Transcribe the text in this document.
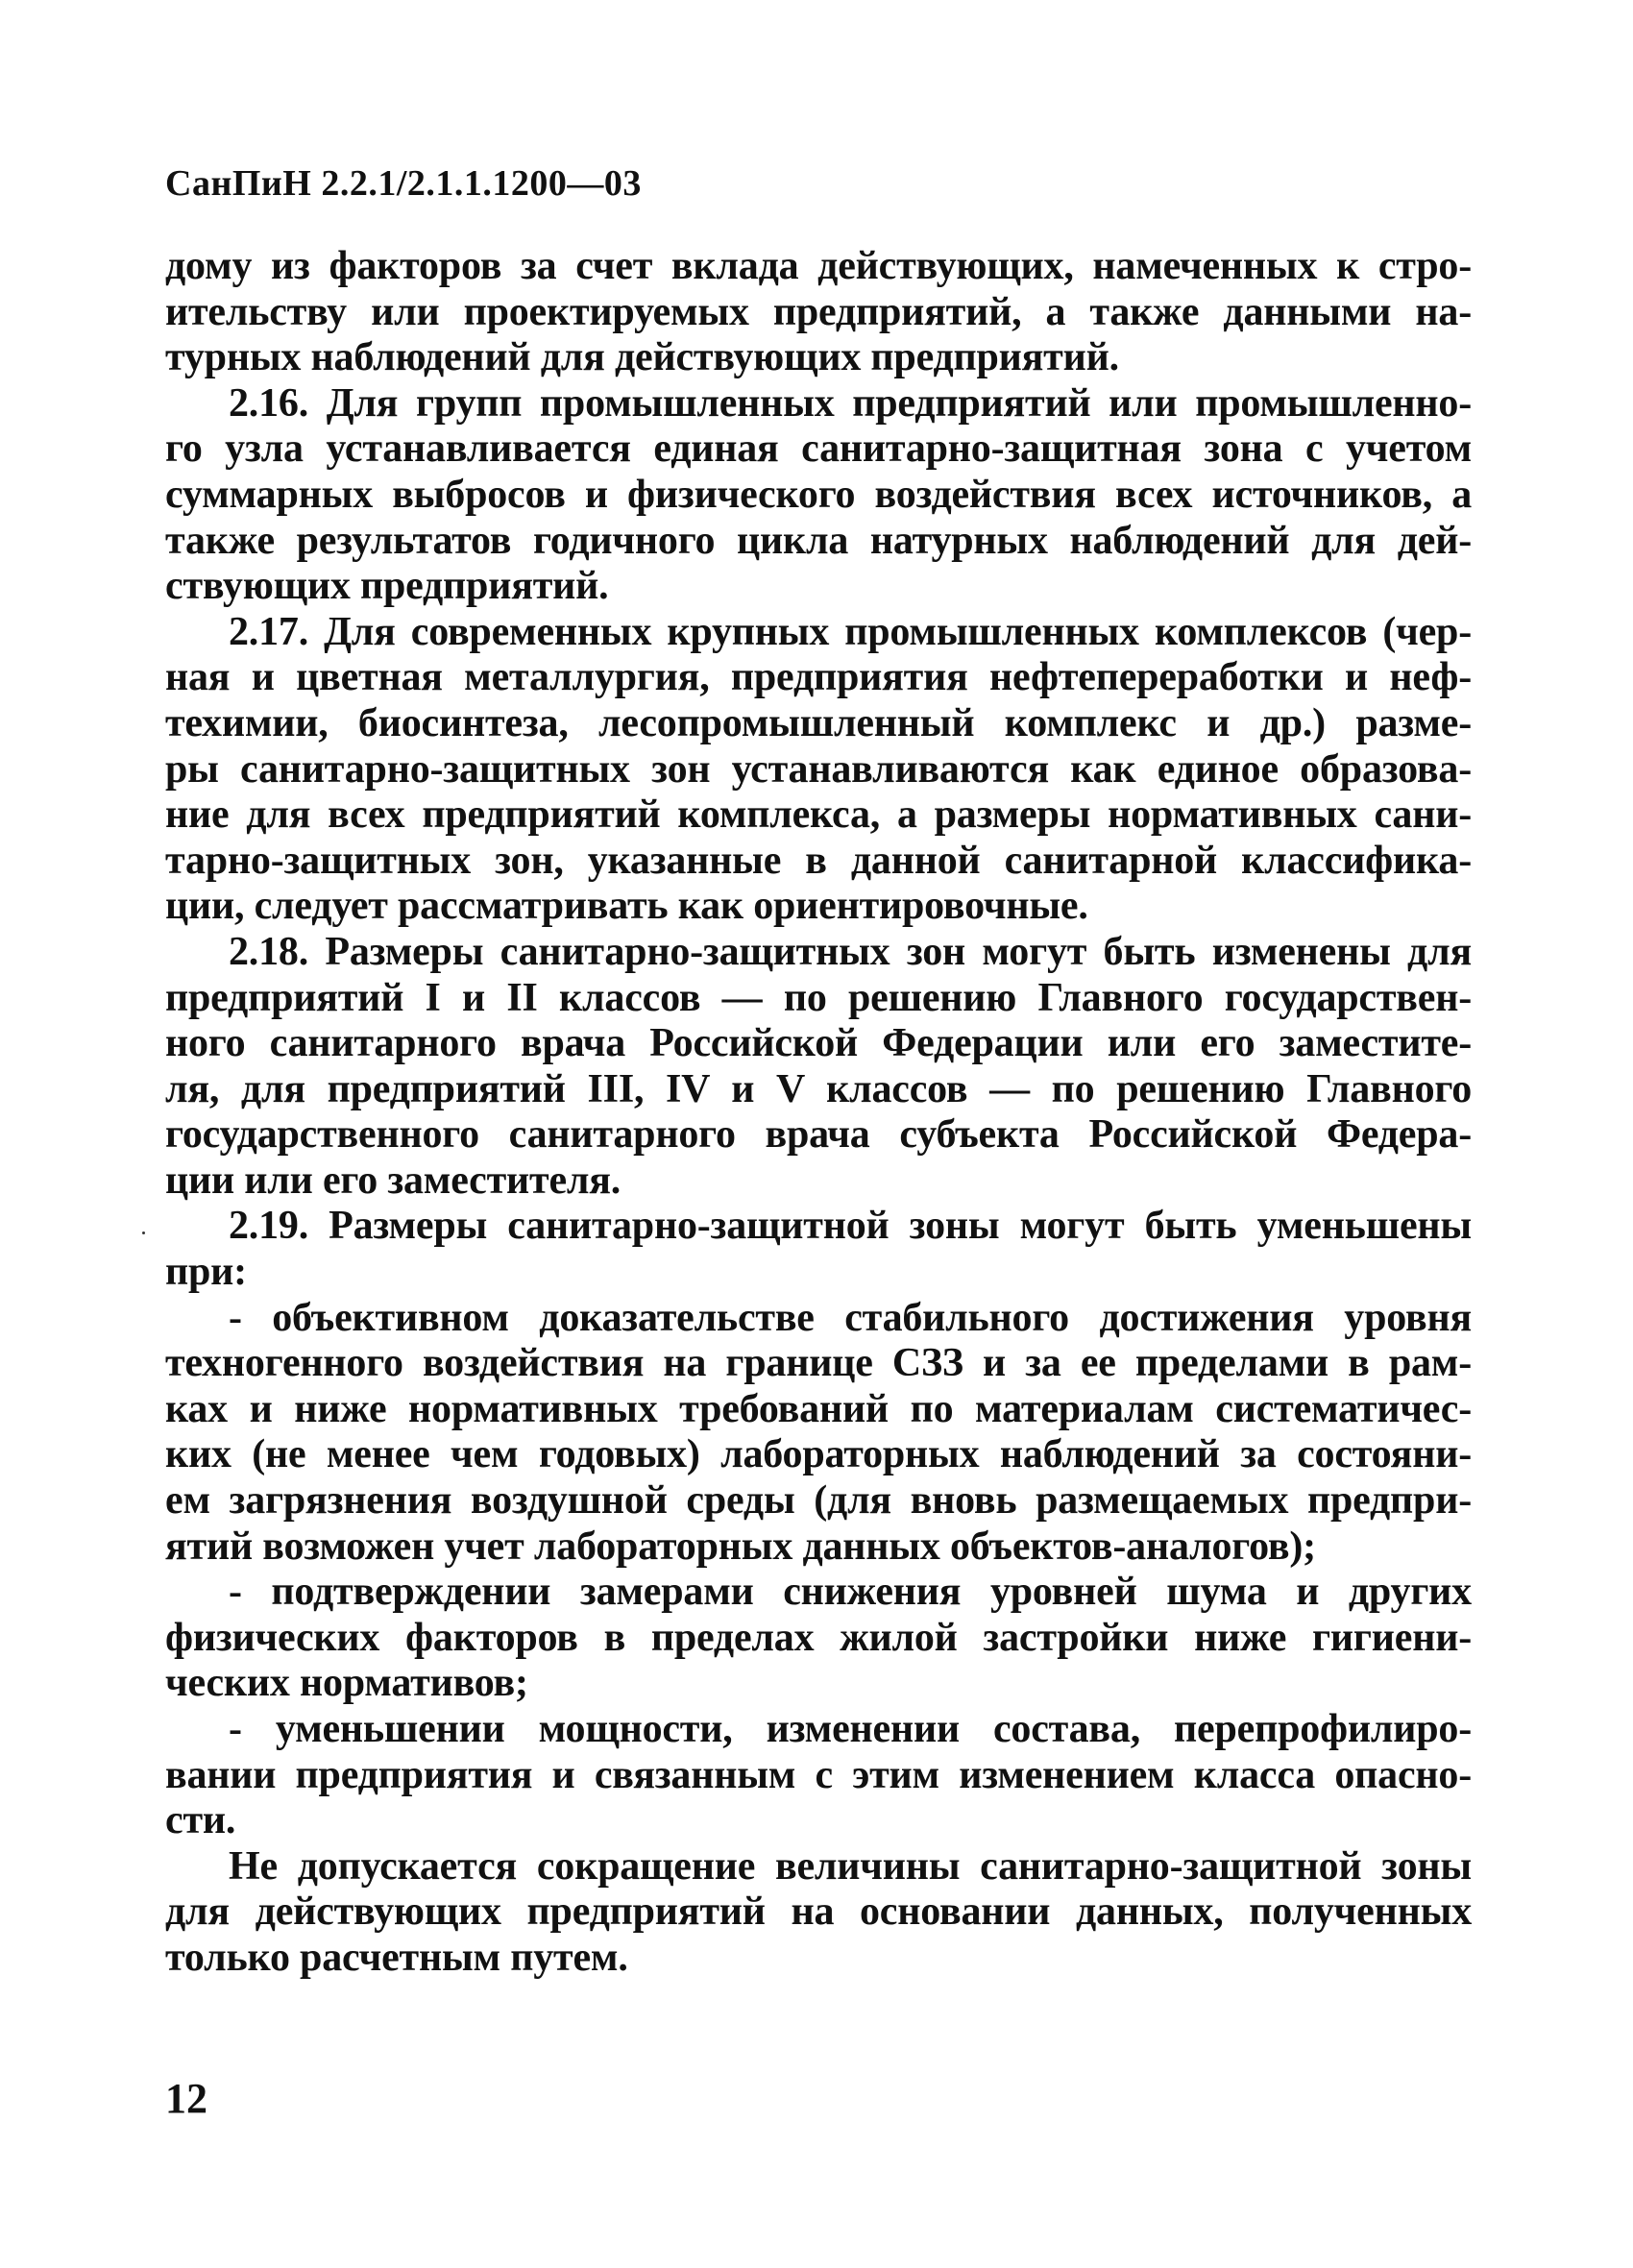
СанПиН 2.2.1/2.1.1.1200—03
дому из факторов за счет вклада действующих, намеченных к стро-
ительству или проектируемых предприятий, а также данными на-
турных наблюдений для действующих предприятий.
2.16. Для групп промышленных предприятий или промышленно-
го узла устанавливается единая санитарно-защитная зона с учетом
суммарных выбросов и физического воздействия всех источников, а
также результатов годичного цикла натурных наблюдений для дей-
ствующих предприятий.
2.17. Для современных крупных промышленных комплексов (чер-
ная и цветная металлургия, предприятия нефтепереработки и неф-
техимии, биосинтеза, лесопромышленный комплекс и др.) разме-
ры санитарно-защитных зон устанавливаются как единое образова-
ние для всех предприятий комплекса, а размеры нормативных сани-
тарно-защитных зон, указанные в данной санитарной классифика-
ции, следует рассматривать как ориентировочные.
2.18. Размеры санитарно-защитных зон могут быть изменены для
предприятий I и II классов — по решению Главного государствен-
ного санитарного врача Российской Федерации или его заместите-
ля, для предприятий III, IV и V классов — по решению Главного
государственного санитарного врача субъекта Российской Федера-
ции или его заместителя.
2.19. Размеры санитарно-защитной зоны могут быть уменьшены
при:
- объективном доказательстве стабильного достижения уровня
техногенного воздействия на границе СЗЗ и за ее пределами в рам-
ках и ниже нормативных требований по материалам систематичес-
ких (не менее чем годовых) лабораторных наблюдений за состояни-
ем загрязнения воздушной среды (для вновь размещаемых предпри-
ятий возможен учет лабораторных данных объектов-аналогов);
- подтверждении замерами снижения уровней шума и других
физических факторов в пределах жилой застройки ниже гигиени-
ческих нормативов;
- уменьшении мощности, изменении состава, перепрофилиро-
вании предприятия и связанным с этим изменением класса опасно-
сти.
Не допускается сокращение величины санитарно-защитной зоны
для действующих предприятий на основании данных, полученных
только расчетным путем.
12
